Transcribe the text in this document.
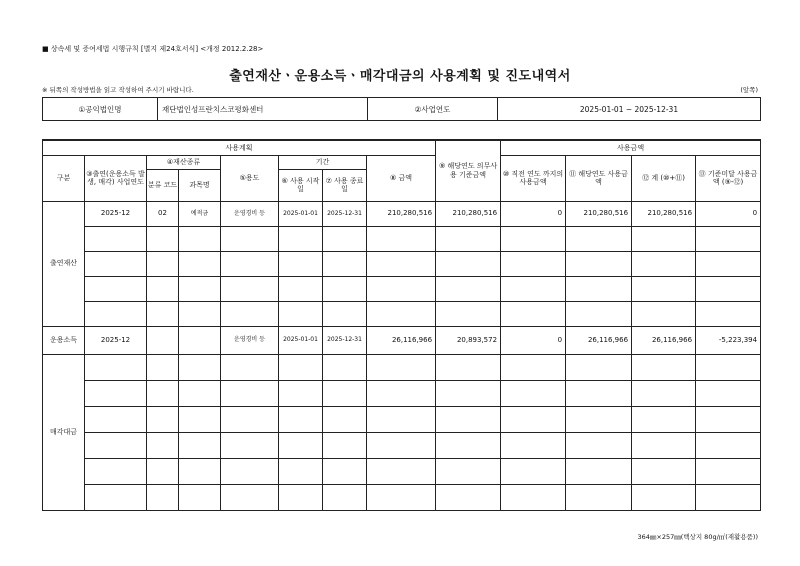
■ 상속세 및 증여세법 시행규칙 [별지 제24호서식] <개정 2012.2.28>
출연재산ㆍ운용소득ㆍ매각대금의 사용계획 및 진도내역서
※ 뒤쪽의 작성방법을 읽고 작성하여 주시기 바랍니다.	(앞쪽)
①공익법인명	재단법인성프란치스코평화센터	②사업연도	2025-01-01 ~ 2025-12-31
사용계획								⑨ 해당연도 의무사용 기준금액	사용금액			
구분	③출연(운용소득 발생, 매각) 사업연도	④재산종류		⑤용도	기간		⑧ 금액		⑩ 직전 연도 까지의 사용금액	⑪ 해당연도 사용금액	⑫ 계 (⑩+⑪)	⑬ 기준미달 사용금액 (⑨-⑫)
		분류 코드	과목명		⑥ 사용 시작일	⑦ 사용 종료일						
출연재산	2025-12	02	예적금	운영경비 등	2025-01-01	2025-12-31	210,280,516	210,280,516	0	210,280,516	210,280,516	0

운용소득	2025-12			운영경비 등	2025-01-01	2025-12-31	26,116,966	20,893,572	0	26,116,966	26,116,966	-5,223,394
매각대금												

364㎜×257㎜(백상지 80g/㎡(재활용품))
